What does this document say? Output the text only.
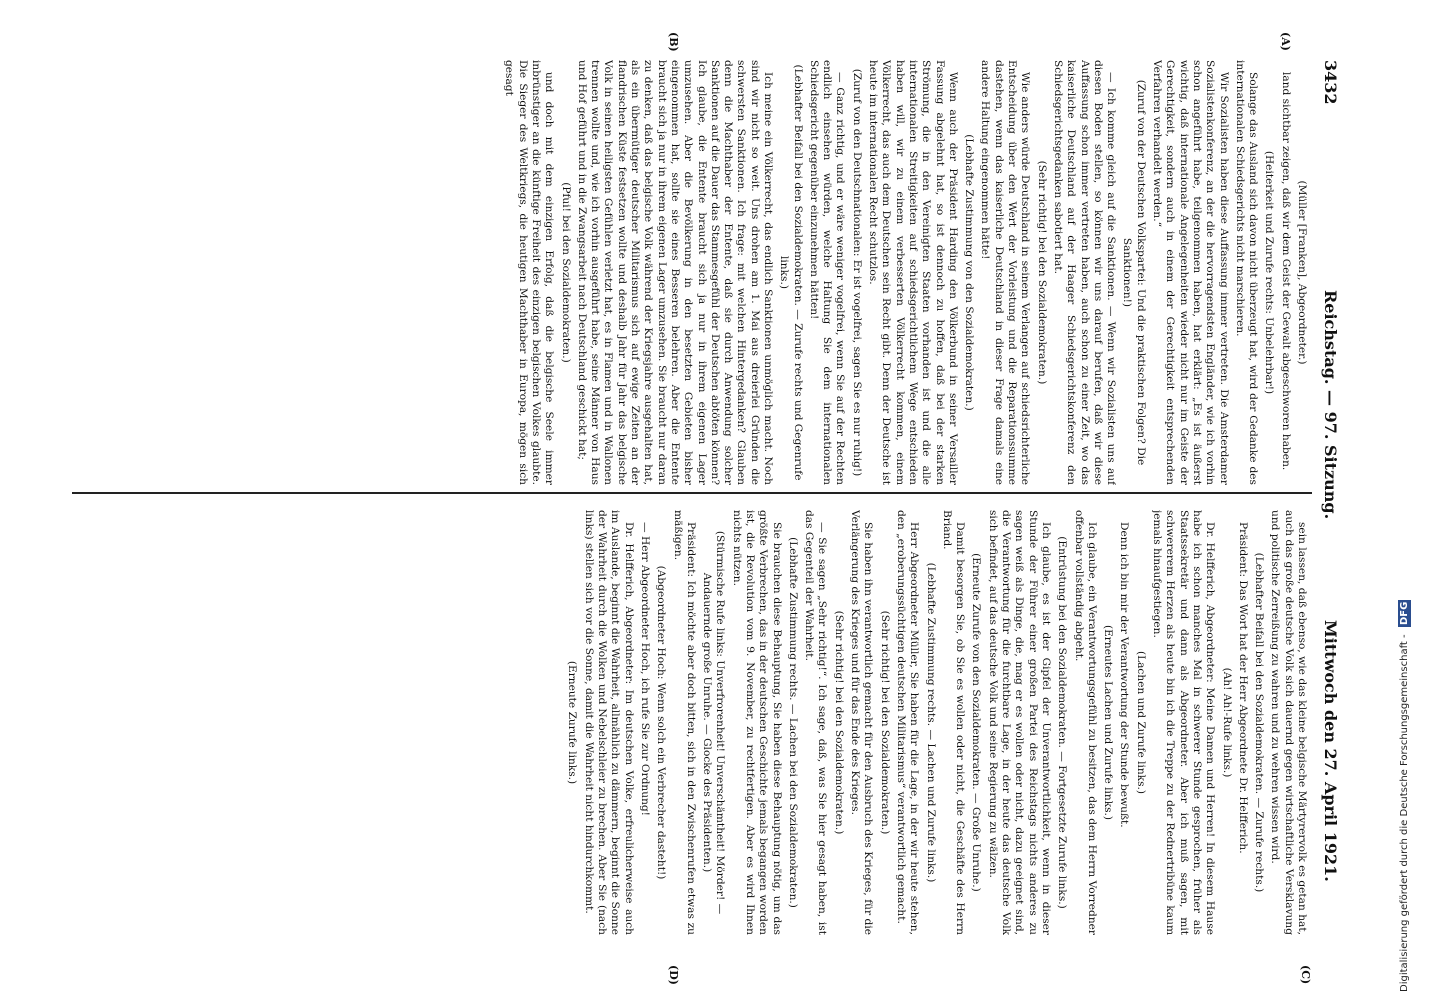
3432
Reichstag. — 97. Sitzung.
Mittwoch den 27. April 1921.
(A)
(B)
(C)
(D)

(Müller [Franken], Abgeordneter.)

land sichtbar zeigen, daß wir dem Geist der Gewalt abgeschworen haben.

(Heiterkeit und Zurufe rechts: Unbelehrbar!)

Solange das Ausland sich davon nicht überzeugt hat, wird der Gedanke des internationalen Schiedsgerichts nicht marschieren.

Wir Sozialisten haben diese Auffassung immer vertreten. Die Amsterdamer Sozialistenkonferenz, an der die hervorragendsten Engländer, wie ich vorhin schon angeführt habe, teilgenommen haben, hat erklärt: „Es ist äußerst wichtig, daß internationale Angelegenheiten wieder nicht nur im Geiste der Gerechtigkeit, sondern auch in einem der Gerechtigkeit entsprechenden Verfahren verhandelt werden.“

(Zuruf von der Deutschen Volkspartei: Und die praktischen Folgen? Die Sanktionen!)

— Ich komme gleich auf die Sanktionen. — Wenn wir Sozialisten uns auf diesen Boden stellen, so können wir uns darauf berufen, daß wir diese Auffassung schon immer vertreten haben, auch schon zu einer Zeit, wo das kaiserliche Deutschland auf der Haager Schiedsgerichtskonferenz den Schiedsgerichtsgedanken sabotiert hat.

(Sehr richtig! bei den Sozialdemokraten.)

Wie anders würde Deutschland in seinem Verlangen auf schiedsrichterliche Entscheidung über den Wert der Vorleistung und die Reparationssumme dastehen, wenn das kaiserliche Deutschland in dieser Frage damals eine andere Haltung eingenommen hätte!

(Lebhafte Zustimmung von den Sozialdemokraten.)

Wenn auch der Präsident Harding den Völkerbund in seiner Versailler Fassung abgelehnt hat, so ist dennoch zu hoffen, daß bei der starken Strömung, die in den Vereinigten Staaten vorhanden ist und die alle internationalen Streitigkeiten auf schiedsgerichtlichem Wege entschieden haben will, wir zu einem verbesserten Völkerrecht kommen, einem Völkerrecht, das auch dem Deutschen sein Recht gibt. Denn der Deutsche ist heute im internationalen Recht schutzlos.

(Zuruf von den Deutschnationalen: Er ist vogelfrei, sagen Sie es nur ruhig!)

— Ganz richtig, und er wäre weniger vogelfrei, wenn Sie auf der Rechten endlich einsehen würden, welche Haltung Sie dem internationalen Schiedsgericht gegenüber einzunehmen hätten!

(Lebhafter Beifall bei den Sozialdemokraten. — Zurufe rechts und Gegenrufe links.)

Ich meine ein Völkerrecht, das endlich Sanktionen unmöglich macht. Noch sind wir nicht so weit. Uns drohen am 1. Mai aus dreierlei Gründen die schwersten Sanktionen. Ich frage: mit welchen Hintergedanken? Glauben denn die Machthaber der Entente, daß sie durch Anwendung solcher Sanktionen auf die Dauer das Stammesgefühl der Deutschen abtöten können? Ich glaube, die Entente braucht sich ja nur in ihrem eigenen Lager umzusehen. Aber die Bevölkerung in den besetzten Gebieten bisher eingenommen hat, sollte sie eines Besseren belehren. Aber die Entente braucht sich ja nur in ihrem eigenen Lager umzusehen. Sie braucht nur daran zu denken, daß das belgische Volk während der Kriegsjahre ausgehalten hat, als ein übermütiger deutscher Militarismus sich auf ewige Zeiten an der flandrischen Küste festsetzen wollte und deshalb Jahr für Jahr das belgische Volk in seinen heiligsten Gefühlen verletzt hat, es in Flamen und in Wallonen trennen wollte und, wie ich vorhin ausgeführt habe, seine Männer von Haus und Hof geführt und in die Zwangsarbeit nach Deutschland geschickt hat;

(Pfui! bei den Sozialdemokraten.)

und doch mit dem einzigen Erfolg, daß die belgische Seele immer inbrünstiger an die künftige Freiheit des einzigen belgischen Volkes glaubte. Die Sieger des Weltkriegs, die heutigen Machthaber in Europa, mögen sich gesagt

sein lassen, daß ebenso, wie das kleine belgische Märtyrervolk es getan hat, auch das große deutsche Volk sich dauernd gegen wirtschaftliche Versklavung und politische Zerreißung zu wahren und zu wehren wissen wird.

(Lebhafter Beifall bei den Sozialdemokraten. — Zurufe rechts.)

Präsident: Das Wort hat der Herr Abgeordnete Dr. Helfferich.

(Ah! Ah!-Rufe links.)

Dr. Helfferich, Abgeordneter: Meine Damen und Herren! In diesem Hause habe ich schon manches Mal in schwerer Stunde gesprochen, früher als Staatssekretär und dann als Abgeordneter. Aber ich muß sagen, mit schwererem Herzen als heute bin ich die Treppe zu der Rednertribüne kaum jemals hinaufgestiegen.

(Lachen und Zurufe links.)

Denn ich bin mir der Verantwortung der Stunde bewußt.

(Erneutes Lachen und Zurufe links.)

Ich glaube, ein Verantwortungsgefühl zu besitzen, das dem Herrn Vorredner offenbar vollständig abgeht.

(Entrüstung bei den Sozialdemokraten. — Fortgesetzte Zurufe links.)

Ich glaube, es ist der Gipfel der Unverantwortlichkeit, wenn in dieser Stunde der Führer einer großen Partei des Reichstags nichts anderes zu sagen weiß als Dinge, die, mag er es wollen oder nicht, dazu geeignet sind, die Verantwortung für die furchtbare Lage, in der heute das deutsche Volk sich befindet, auf das deutsche Volk und seine Regierung zu wälzen.

(Erneute Zurufe von den Sozialdemokraten. — Große Unruhe.)

Damit besorgen Sie, ob Sie es wollen oder nicht, die Geschäfte des Herrn Briand.

(Lebhafte Zustimmung rechts. — Lachen und Zurufe links.)

Herr Abgeordneter Müller, Sie haben für die Lage, in der wir heute stehen, den „eroberungssüchtigen deutschen Militarismus“ verantwortlich gemacht.

(Sehr richtig! bei den Sozialdemokraten.)

Sie haben ihn verantwortlich gemacht für den Ausbruch des Krieges, für die Verlängerung des Krieges und für das Ende des Krieges.

(Sehr richtig! bei den Sozialdemokraten.)

— Sie sagen „Sehr richtig!“. Ich sage, daß, was Sie hier gesagt haben, ist das Gegenteil der Wahrheit.

(Lebhafte Zustimmung rechts. — Lachen bei den Sozialdemokraten.)

Sie brauchen diese Behauptung, Sie haben diese Behauptung nötig, um das größte Verbrechen, das in der deutschen Geschichte jemals begangen worden ist, die Revolution vom 9. November, zu rechtfertigen. Aber es wird Ihnen nichts nützen.

(Stürmische Rufe links: Unverfrorenheit! Unverschämtheit! Mörder! — Andauernde große Unruhe. — Glocke des Präsidenten.)

Präsident: Ich möchte aber doch bitten, sich in den Zwischenrufen etwas zu mäßigen.

(Abgeordneter Hoch: Wenn solch ein Verbrecher dasteht!)

— Herr Abgeordneter Hoch, ich rufe Sie zur Ordnung!

Dr. Helfferich, Abgeordneter: Im deutschen Volke, erfreulicherweise auch im Auslande, beginnt die Wahrheit, allmählich zu dämmern, beginnt die Sonne der Wahrheit durch die Wolken und Nebelschleier zu brechen. Aber Sie (nach links) stellen sich vor die Sonne, damit die Wahrheit nicht hindurchkommt.

(Erneute Zurufe links.)	Digitalisierung gefördert durch die Deutsche Forschungsgemeinschaft - DFG
